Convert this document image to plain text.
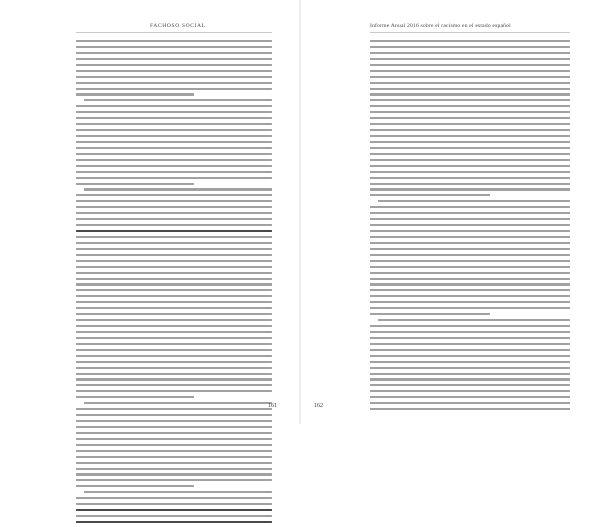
FACHOSO SOCIAL
161
Informe Anual 2016 sobre el racismo en el estado español
162
